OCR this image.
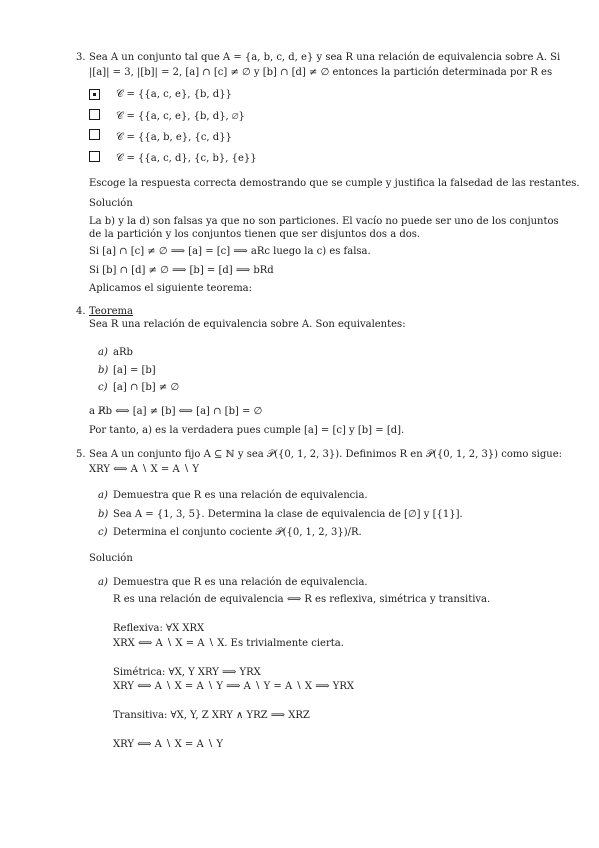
3. Sea A un conjunto tal que A = {a, b, c, d, e} y sea R una relación de equivalencia sobre A. Si
|[a]| = 3, |[b]| = 2, [a] ∩ [c] ≠ ∅ y [b] ∩ [d] ≠ ∅ entonces la partición determinada por R es
𝒞 = {{a, c, e}, {b, d}}
𝒞 = {{a, c, e}, {b, d}, ∅}
𝒞 = {{a, b, e}, {c, d}}
𝒞 = {{a, c, d}, {c, b}, {e}}
Escoge la respuesta correcta demostrando que se cumple y justifica la falsedad de las restantes.
Solución
La b) y la d) son falsas ya que no son particiones. El vacío no puede ser uno de los conjuntos
de la partición y los conjuntos tienen que ser disjuntos dos a dos.
Si [a] ∩ [c] ≠ ∅ ⟹ [a] = [c] ⟹ aRc luego la c) es falsa.
Si [b] ∩ [d] ≠ ∅ ⟹ [b] = [d] ⟹ bRd
Aplicamos el siguiente teorema:
4. Teorema
Sea R una relación de equivalencia sobre A. Son equivalentes:
a) aRb
b) [a] = [b]
c) [a] ∩ [b] ≠ ∅
a R̸b ⟺ [a] ≠ [b] ⟺ [a] ∩ [b] = ∅
Por tanto, a) es la verdadera pues cumple [a] = [c] y [b] = [d].
5. Sea A un conjunto fijo A ⊆ ℕ y sea 𝒫({0, 1, 2, 3}). Definimos R en 𝒫({0, 1, 2, 3}) como sigue:
XRY ⟺ A ∖ X = A ∖ Y
a) Demuestra que R es una relación de equivalencia.
b) Sea A = {1, 3, 5}. Determina la clase de equivalencia de [∅] y [{1}].
c) Determina el conjunto cociente 𝒫({0, 1, 2, 3})/R.
Solución
a) Demuestra que R es una relación de equivalencia.
R es una relación de equivalencia ⟺ R es reflexiva, simétrica y transitiva.
Reflexiva: ∀X XRX
XRX ⟺ A ∖ X = A ∖ X. Es trivialmente cierta.
Simétrica: ∀X, Y XRY ⟹ YRX
XRY ⟺ A ∖ X = A ∖ Y ⟹ A ∖ Y = A ∖ X ⟹ YRX
Transitiva: ∀X, Y, Z XRY ∧ YRZ ⟹ XRZ
XRY ⟺ A ∖ X = A ∖ Y
